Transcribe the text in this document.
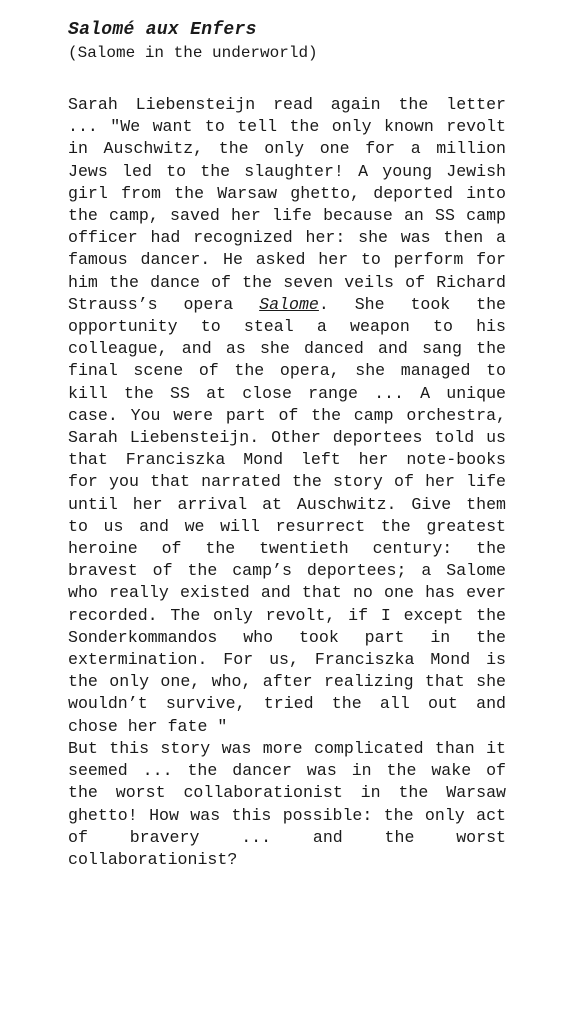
Salomé aux Enfers
(Salome in the underworld)

Sarah Liebensteijn read again the letter ... "We want to tell the only known revolt in Auschwitz, the only one for a million Jews led to the slaughter! A young Jewish girl from the Warsaw ghetto, deported into the camp, saved her life because an SS camp officer had recognized her: she was then a famous dancer. He asked her to perform for him the dance of the seven veils of Richard Strauss’s opera Salome. She took the opportunity to steal a weapon to his colleague, and as she danced and sang the final scene of the opera, she managed to kill the SS at close range ... A unique case. You were part of the camp orchestra, Sarah Liebensteijn. Other deportees told us that Franciszka Mond left her note-books for you that narrated the story of her life until her arrival at Auschwitz. Give them to us and we will resurrect the greatest heroine of the twentieth century: the bravest of the camp’s deportees; a Salome who really existed and that no one has ever recorded. The only revolt, if I except the Sonderkommandos who took part in the extermination. For us, Franciszka Mond is the only one, who, after realizing that she wouldn’t survive, tried the all out and chose her fate "

But this story was more complicated than it seemed ... the dancer was in the wake of the worst collaborationist in the Warsaw ghetto! How was this possible: the only act of bravery ... and the worst collaborationist?
